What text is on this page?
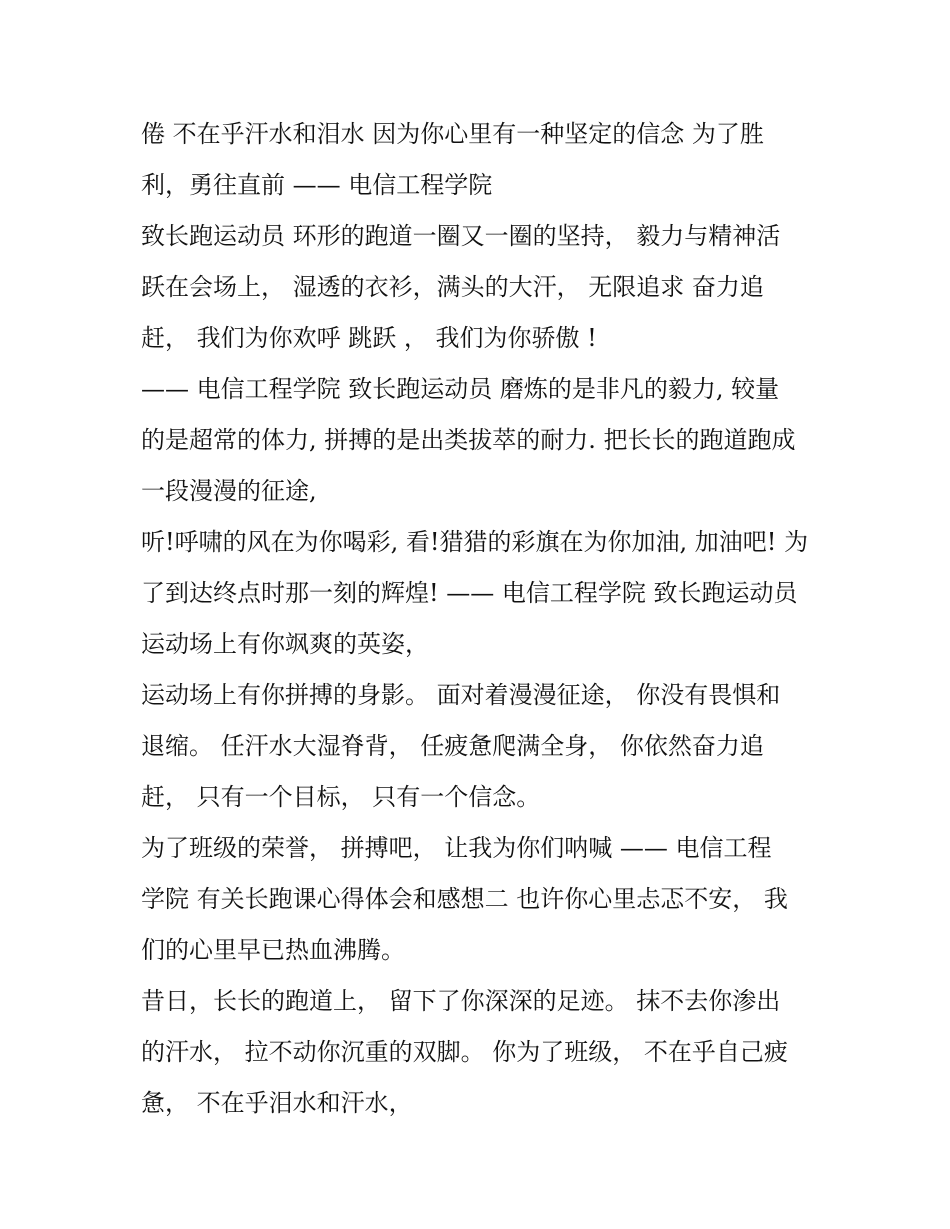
倦 不在乎汗水和泪水 因为你心里有一种坚定的信念 为了胜
利，勇往直前 —— 电信工程学院
致长跑运动员 环形的跑道一圈又一圈的坚持， 毅力与精神活
跃在会场上， 湿透的衣衫，满头的大汗， 无限追求 奋力追
赶， 我们为你欢呼 跳跃 ， 我们为你骄傲 !
—— 电信工程学院 致长跑运动员 磨炼的是非凡的毅力, 较量
的是超常的体力, 拼搏的是出类拔萃的耐力. 把长长的跑道跑成
一段漫漫的征途,
听!呼啸的风在为你喝彩, 看!猎猎的彩旗在为你加油, 加油吧! 为
了到达终点时那一刻的辉煌! —— 电信工程学院 致长跑运动员
运动场上有你飒爽的英姿，
运动场上有你拼搏的身影。 面对着漫漫征途， 你没有畏惧和
退缩。 任汗水大湿脊背， 任疲惫爬满全身， 你依然奋力追
赶， 只有一个目标， 只有一个信念。
为了班级的荣誉， 拼搏吧， 让我为你们呐喊 —— 电信工程
学院 有关长跑课心得体会和感想二 也许你心里忐忑不安， 我
们的心里早已热血沸腾。
昔日，长长的跑道上， 留下了你深深的足迹。 抹不去你渗出
的汗水， 拉不动你沉重的双脚。 你为了班级， 不在乎自己疲
惫， 不在乎泪水和汗水，
